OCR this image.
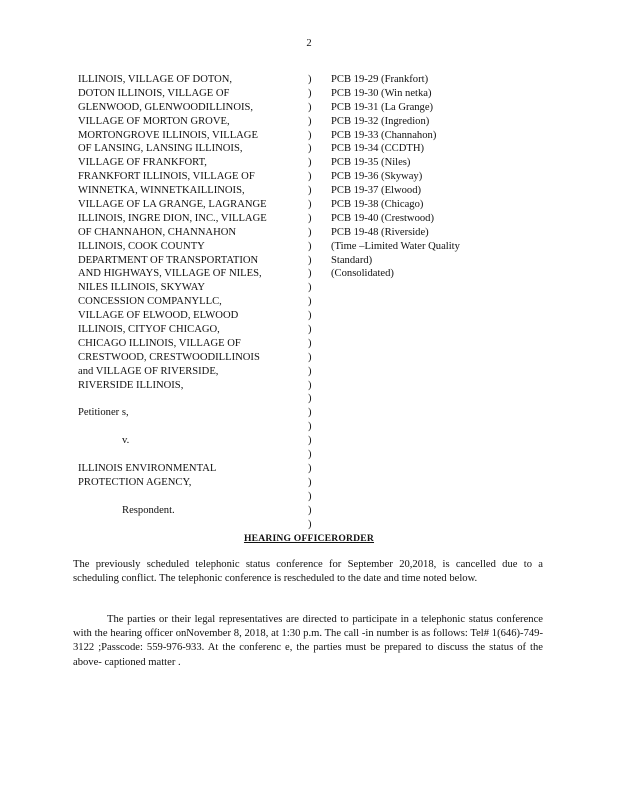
2
ILLINOIS, VILLAGE OF DOTON,
DOTON ILLINOIS, VILLAGE OF
GLENWOOD, GLENWOODILLINOIS,
VILLAGE OF MORTON GROVE,
MORTONGROVE ILLINOIS, VILLAGE
OF LANSING, LANSING ILLINOIS,
VILLAGE OF FRANKFORT,
FRANKFORT ILLINOIS, VILLAGE OF
WINNETKA, WINNETKAILLINOIS,
VILLAGE OF LA GRANGE, LAGRANGE
ILLINOIS, INGRE DION, INC., VILLAGE
OF CHANNAHON, CHANNAHON
ILLINOIS, COOK COUNTY
DEPARTMENT OF TRANSPORTATION
AND HIGHWAYS, VILLAGE OF NILES,
NILES ILLINOIS, SKYWAY
CONCESSION COMPANYLLC,
VILLAGE OF ELWOOD, ELWOOD
ILLINOIS, CITYOF CHICAGO,
CHICAGO ILLINOIS, VILLAGE OF
CRESTWOOD, CRESTWOODILLINOIS
and VILLAGE OF RIVERSIDE,
RIVERSIDE ILLINOIS,
Petitioner s,
v.
ILLINOIS ENVIRONMENTAL
PROTECTION AGENCY,
Respondent.
)
)
)
)
)
)
)
)
)
)
)
)
)
)
)
)
)
)
)
)
)
)
)
)
)
)
)
)
)
)
)
)
)
PCB 19-29 (Frankfort)
PCB 19-30 (Win netka)
PCB 19-31 (La Grange)
PCB 19-32 (Ingredion)
PCB 19-33 (Channahon)
PCB 19-34 (CCDTH)
PCB 19-35 (Niles)
PCB 19-36 (Skyway)
PCB 19-37 (Elwood)
PCB 19-38 (Chicago)
PCB 19-40 (Crestwood)
PCB 19-48 (Riverside)
(Time –Limited Water Quality
Standard)
(Consolidated)
HEARING OFFICERORDER
The previously scheduled telephonic status conference for September 20,2018, is cancelled due to a scheduling conflict. The telephonic conference is rescheduled to the date and time noted below.
The parties or their legal representatives are directed to participate in a telephonic status conference with the hearing officer onNovember 8, 2018, at 1:30 p.m. The call -in number is as follows: Tel# 1(646)-749-3122 ;Passcode: 559-976-933. At the conferenc e, the parties must be prepared to discuss the status of the above- captioned matter .
